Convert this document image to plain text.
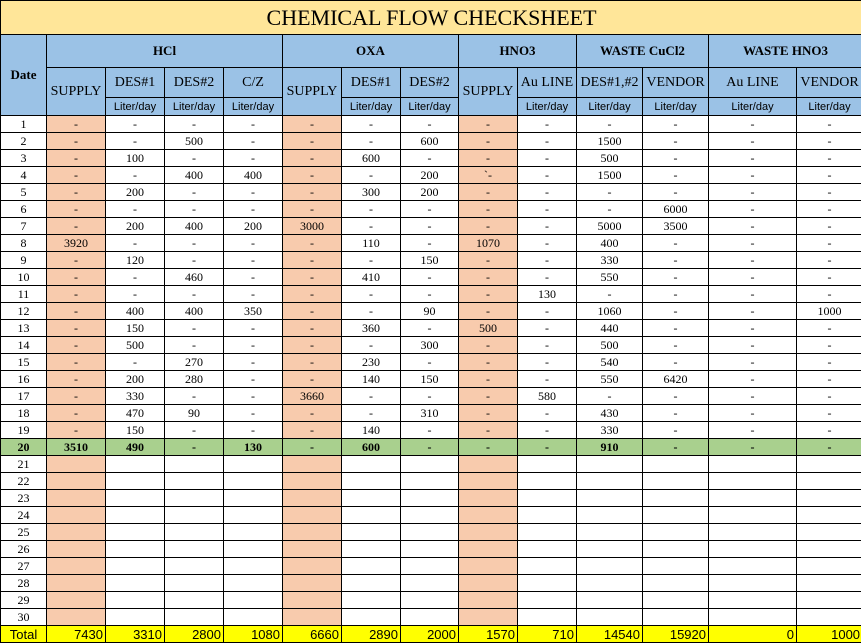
CHEMICAL FLOW CHECKSHEET													
Date	HCl				OXA			HNO3		WASTE CuCl2		WASTE HNO3	
	SUPPLY	DES#1	DES#2	C/Z	SUPPLY	DES#1	DES#2	SUPPLY	Au LINE	DES#1,#2	VENDOR	Au LINE	VENDOR
		Liter/day	Liter/day	Liter/day		Liter/day	Liter/day		Liter/day	Liter/day	Liter/day	Liter/day	Liter/day
1	-	-	-	-	-	-	-	-	-	-	-	-	-
2	-	-	500	-	-	-	600	-	-	1500	-	-	-
3	-	100	-	-	-	600	-	-	-	500	-	-	-
4	-	-	400	400	-	-	200	`-	-	1500	-	-	-
5	-	200	-	-	-	300	200	-	-	-	-	-	-
6	-	-	-	-	-	-	-	-	-	-	6000	-	-
7	-	200	400	200	3000	-	-	-	-	5000	3500	-	-
8	3920	-	-	-	-	110	-	1070	-	400	-	-	-
9	-	120	-	-	-	-	150	-	-	330	-	-	-
10	-	-	460	-	-	410	-	-	-	550	-	-	-
11	-	-	-	-	-	-	-	-	130	-	-	-	-
12	-	400	400	350	-	-	90	-	-	1060	-	-	1000
13	-	150	-	-	-	360	-	500	-	440	-	-	-
14	-	500	-	-	-	-	300	-	-	500	-	-	-
15	-	-	270	-	-	230	-	-	-	540	-	-	-
16	-	200	280	-	-	140	150	-	-	550	6420	-	-
17	-	330	-	-	3660	-	-	-	580	-	-	-	-
18	-	470	90	-	-	-	310	-	-	430	-	-	-
19	-	150	-	-	-	140	-	-	-	330	-	-	-
20	3510	490	-	130	-	600	-	-	-	910	-	-	-
21													
22													
23													
24													
25													
26													
27													
28													
29													
30													
Total	7430	3310	2800	1080	6660	2890	2000	1570	710	14540	15920	0	1000
